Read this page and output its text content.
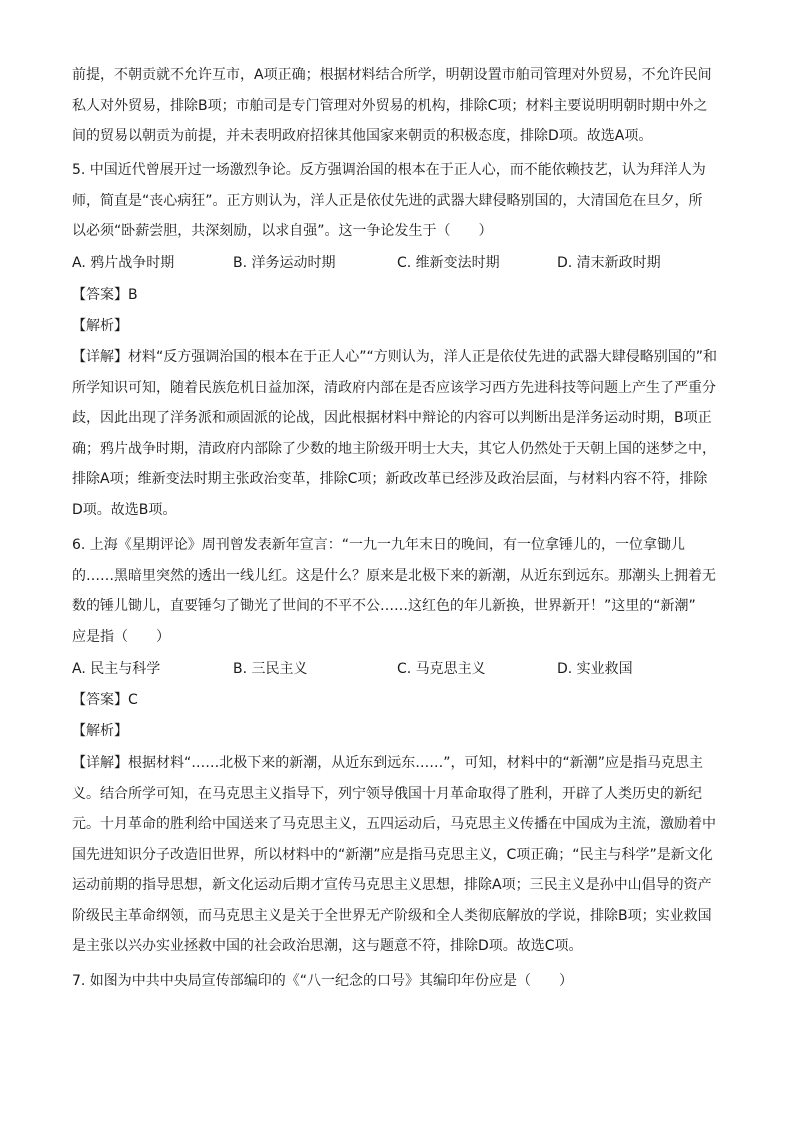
前提，不朝贡就不允许互市，A项正确；根据材料结合所学，明朝设置市舶司管理对外贸易，不允许民间
私人对外贸易，排除B项；市舶司是专门管理对外贸易的机构，排除C项；材料主要说明明朝时期中外之
间的贸易以朝贡为前提，并未表明政府招徕其他国家来朝贡的积极态度，排除D项。故选A项。
5. 中国近代曾展开过一场激烈争论。反方强调治国的根本在于正人心，而不能依赖技艺，认为拜洋人为
师，简直是“丧心病狂”。正方则认为，洋人正是依仗先进的武器大肆侵略别国的，大清国危在旦夕，所
以必须“卧薪尝胆，共深刻励，以求自强”。这一争论发生于（　　）
A. 鸦片战争时期	B. 洋务运动时期	C. 维新变法时期	D. 清末新政时期
【答案】B
【解析】
【详解】材料“反方强调治国的根本在于正人心”“方则认为，洋人正是依仗先进的武器大肆侵略别国的”和
所学知识可知，随着民族危机日益加深，清政府内部在是否应该学习西方先进科技等问题上产生了严重分
歧，因此出现了洋务派和顽固派的论战，因此根据材料中辩论的内容可以判断出是洋务运动时期，B项正
确；鸦片战争时期，清政府内部除了少数的地主阶级开明士大夫，其它人仍然处于天朝上国的迷梦之中，
排除A项；维新变法时期主张政治变革，排除C项；新政改革已经涉及政治层面，与材料内容不符，排除
D项。故选B项。
6. 上海《星期评论》周刊曾发表新年宣言：“一九一九年末日的晚间，有一位拿锤儿的，一位拿锄儿
的……黑暗里突然的透出一线儿红。这是什么？原来是北极下来的新潮，从近东到远东。那潮头上拥着无
数的锤儿锄儿，直要锤匀了锄光了世间的不平不公……这红色的年儿新换，世界新开！”这里的“新潮”
应是指（　　）
A. 民主与科学	B. 三民主义	C. 马克思主义	D. 实业救国
【答案】C
【解析】
【详解】根据材料“……北极下来的新潮，从近东到远东……”，可知，材料中的“新潮”应是指马克思主
义。结合所学可知，在马克思主义指导下，列宁领导俄国十月革命取得了胜利，开辟了人类历史的新纪
元。十月革命的胜利给中国送来了马克思主义，五四运动后，马克思主义传播在中国成为主流，激励着中
国先进知识分子改造旧世界，所以材料中的“新潮”应是指马克思主义，C项正确；“民主与科学”是新文化
运动前期的指导思想，新文化运动后期才宣传马克思主义思想，排除A项；三民主义是孙中山倡导的资产
阶级民主革命纲领，而马克思主义是关于全世界无产阶级和全人类彻底解放的学说，排除B项；实业救国
是主张以兴办实业拯救中国的社会政治思潮，这与题意不符，排除D项。故选C项。
7. 如图为中共中央局宣传部编印的《“八一纪念的口号》其编印年份应是（　　）
